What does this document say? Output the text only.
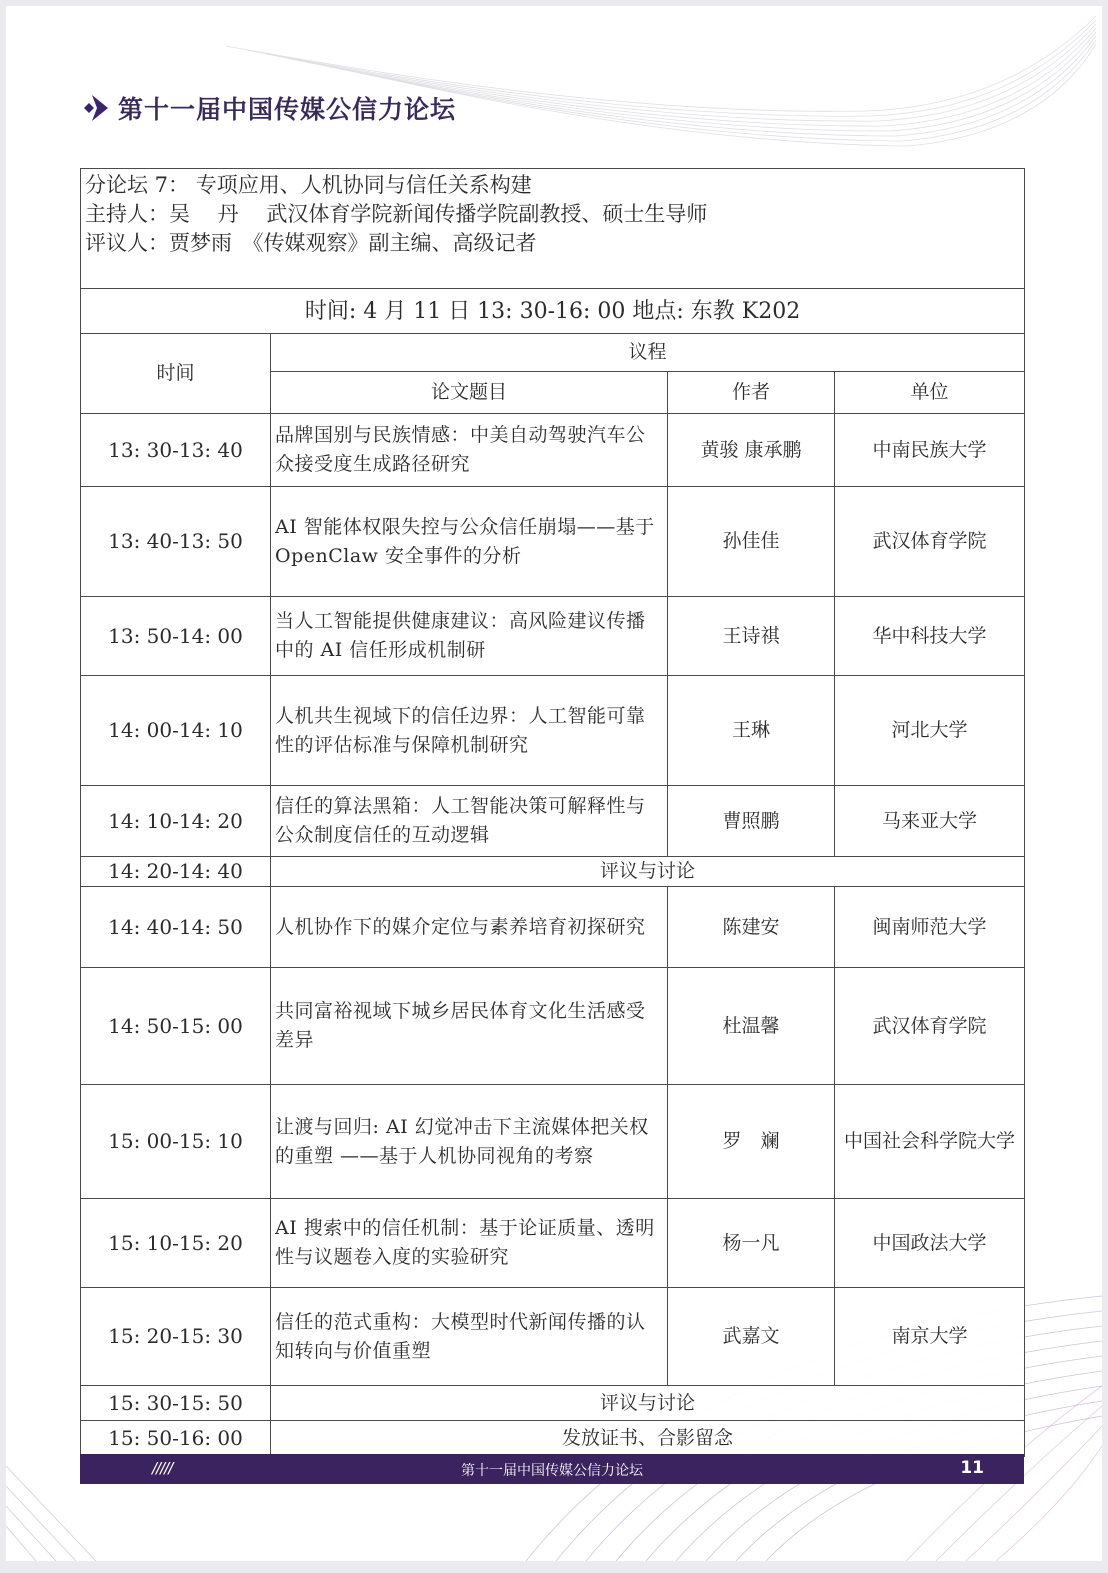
第十一届中国传媒公信力论坛
分论坛 7： 专项应用、人机协同与信任关系构建
主持人：吴　 丹　 武汉体育学院新闻传播学院副教授、硕士生导师
评议人：贾梦雨　《传媒观察》副主编、高级记者			

时间: 4 月 11 日 13: 30-16: 00 地点: 东教 K202			
时间	议程		
	论文题目	作者	单位
13: 30-13: 40	品牌国别与民族情感：中美自动驾驶汽车公众接受度生成路径研究	黄骏 康承鹏	中南民族大学
13: 40-13: 50	AI 智能体权限失控与公众信任崩塌——基于 OpenClaw 安全事件的分析	孙佳佳	武汉体育学院
13: 50-14: 00	当人工智能提供健康建议：高风险建议传播中的 AI 信任形成机制研	王诗祺	华中科技大学
14: 00-14: 10	人机共生视域下的信任边界：人工智能可靠性的评估标准与保障机制研究	王琳	河北大学
14: 10-14: 20	信任的算法黑箱：人工智能决策可解释性与公众制度信任的互动逻辑	曹照鹏	马来亚大学
14: 20-14: 40	评议与讨论		
14: 40-14: 50	人机协作下的媒介定位与素养培育初探研究	陈建安	闽南师范大学
14: 50-15: 00	共同富裕视域下城乡居民体育文化生活感受差异	杜温馨	武汉体育学院
15: 00-15: 10	让渡与回归: AI 幻觉冲击下主流媒体把关权的重塑 ——基于人机协同视角的考察	罗　斓	中国社会科学院大学
15: 10-15: 20	AI 搜索中的信任机制：基于论证质量、透明性与议题卷入度的实验研究	杨一凡	中国政法大学
15: 20-15: 30	信任的范式重构：大模型时代新闻传播的认知转向与价值重塑	武嘉文	南京大学
15: 30-15: 50	评议与讨论		
15: 50-16: 00	发放证书、合影留念		
/////	第十一届中国传媒公信力论坛	11
